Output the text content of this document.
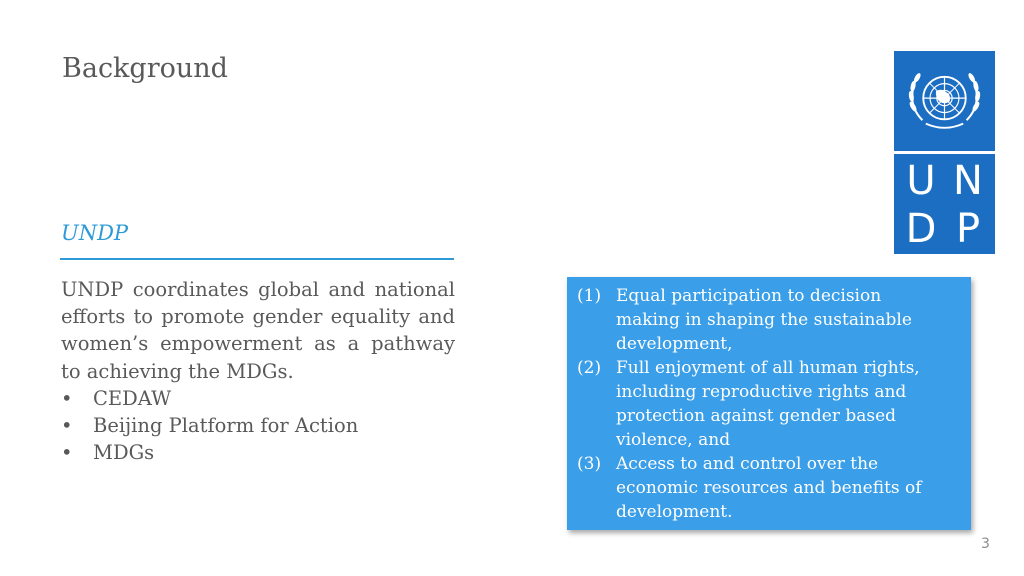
Background
UNDP

UNDP coordinates global and national efforts to promote gender equality and women’s empowerment as a pathway to achieving the MDGs.

• CEDAW
• Beijing Platform for Action
• MDGs
U N
D P
(1) Equal participation to decision making in shaping the sustainable development,
(2) Full enjoyment of all human rights, including reproductive rights and protection against gender based violence, and
(3) Access to and control over the economic resources and benefits of development.
3
